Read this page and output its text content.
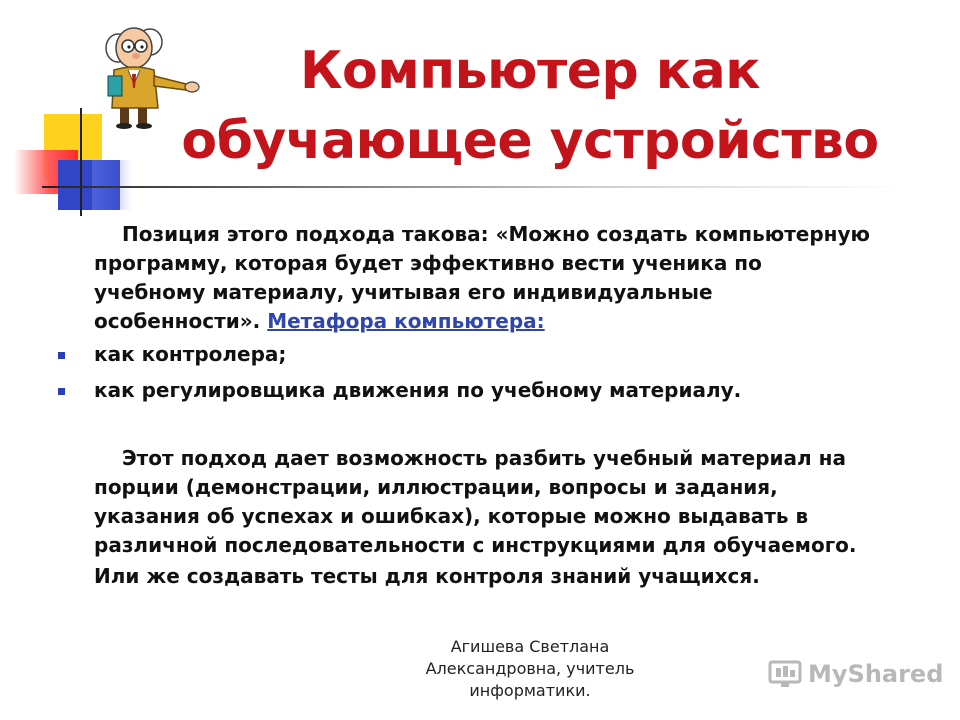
Компьютер как
обучающее устройство
Позиция этого подхода такова: «Можно создать компьютерную
программу, которая будет эффективно вести ученика по
учебному материалу, учитывая его индивидуальные
особенности». Метафора компьютера:
как контролера;
как регулировщика движения по учебному материалу.
Этот подход дает возможность разбить учебный материал на
порции (демонстрации, иллюстрации, вопросы и задания,
указания об успехах и ошибках), которые можно выдавать в
различной последовательности с инструкциями для обучаемого.
Или же создавать тесты для контроля знаний учащихся.
Агишева Светлана
Александровна, учитель
информатики.
MyShared
